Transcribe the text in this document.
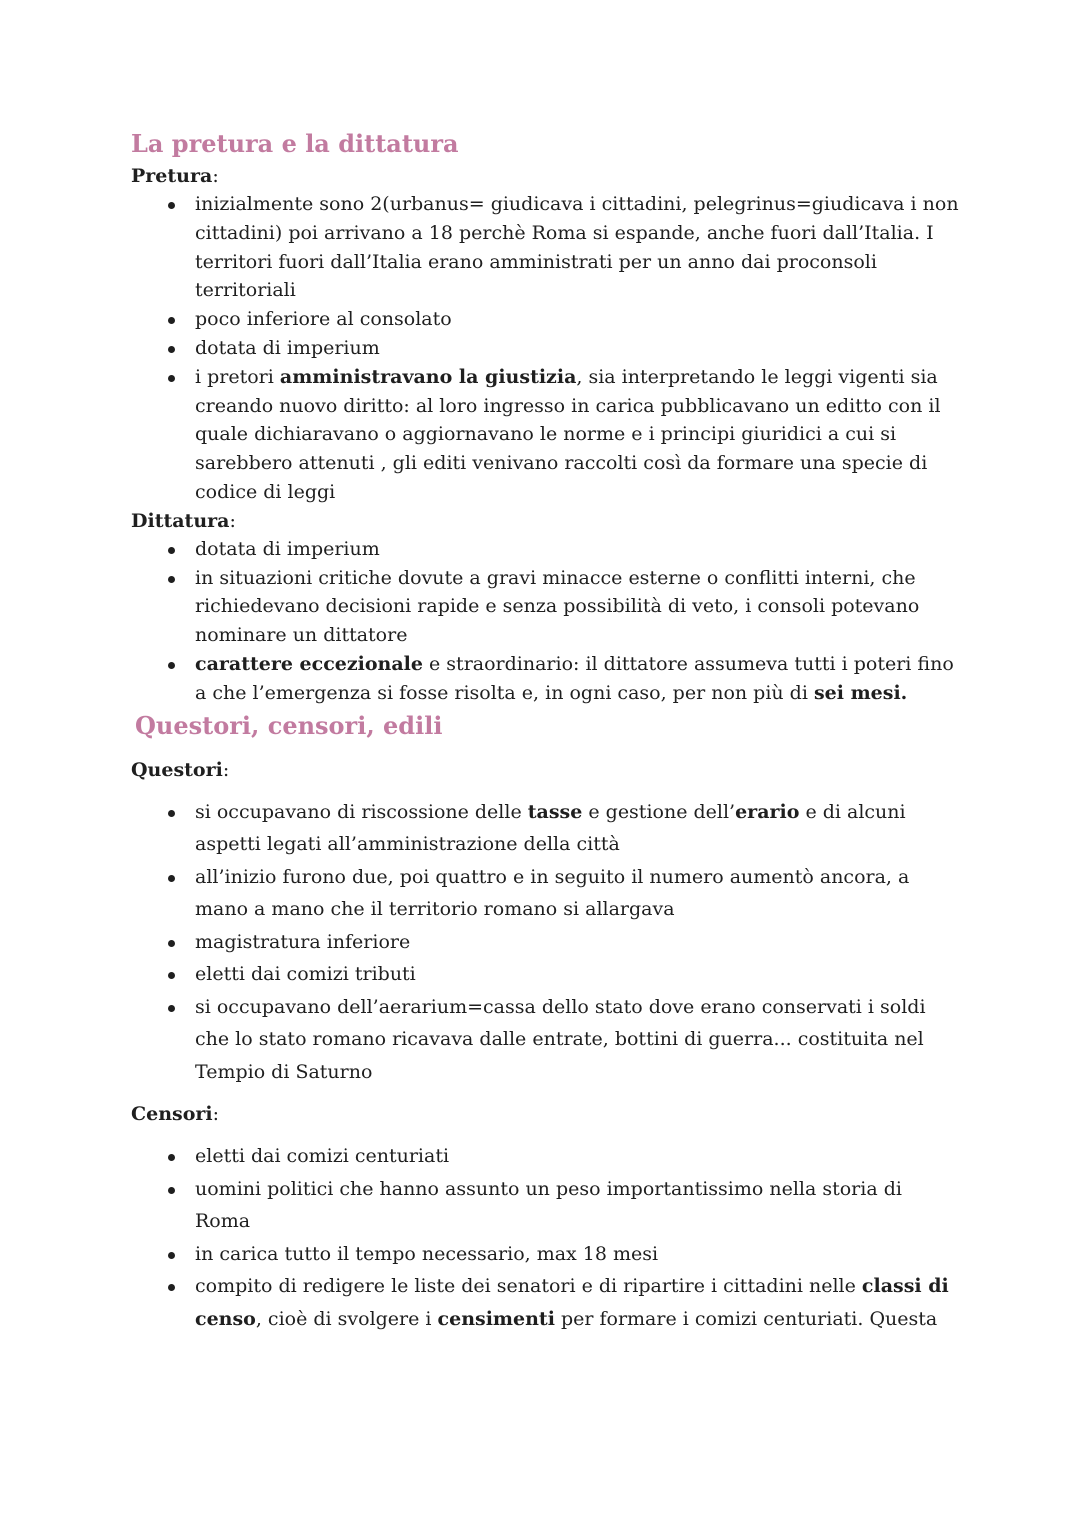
La pretura e la dittatura

Pretura:

inizialmente sono 2(urbanus= giudicava i cittadini, pelegrinus=giudicava i non cittadini) poi arrivano a 18 perchè Roma si espande, anche fuori dall’Italia. I territori fuori dall’Italia erano amministrati per un anno dai proconsoli territoriali
poco inferiore al consolato
dotata di imperium
i pretori amministravano la giustizia, sia interpretando le leggi vigenti sia creando nuovo diritto: al loro ingresso in carica pubblicavano un editto con il quale dichiaravano o aggiornavano le norme e i principi giuridici a cui si sarebbero attenuti , gli editi venivano raccolti così da formare una specie di codice di leggi

Dittatura:

dotata di imperium
in situazioni critiche dovute a gravi minacce esterne o conflitti interni, che richiedevano decisioni rapide e senza possibilità di veto, i consoli potevano nominare un dittatore
carattere eccezionale e straordinario: il dittatore assumeva tutti i poteri fino a che l’emergenza si fosse risolta e, in ogni caso, per non più di sei mesi.
Questori, censori, edili

Questori:

si occupavano di riscossione delle tasse e gestione dell’erario e di alcuni aspetti legati all’amministrazione della città
all’inizio furono due, poi quattro e in seguito il numero aumentò ancora, a mano a mano che il territorio romano si allargava
magistratura inferiore
eletti dai comizi tributi
si occupavano dell’aerarium=cassa dello stato dove erano conservati i soldi che lo stato romano ricavava dalle entrate, bottini di guerra... costituita nel Tempio di Saturno

Censori:

eletti dai comizi centuriati
uomini politici che hanno assunto un peso importantissimo nella storia di Roma
in carica tutto il tempo necessario, max 18 mesi
compito di redigere le liste dei senatori e di ripartire i cittadini nelle classi di censo, cioè di svolgere i censimenti per formare i comizi centuriati. Questa
